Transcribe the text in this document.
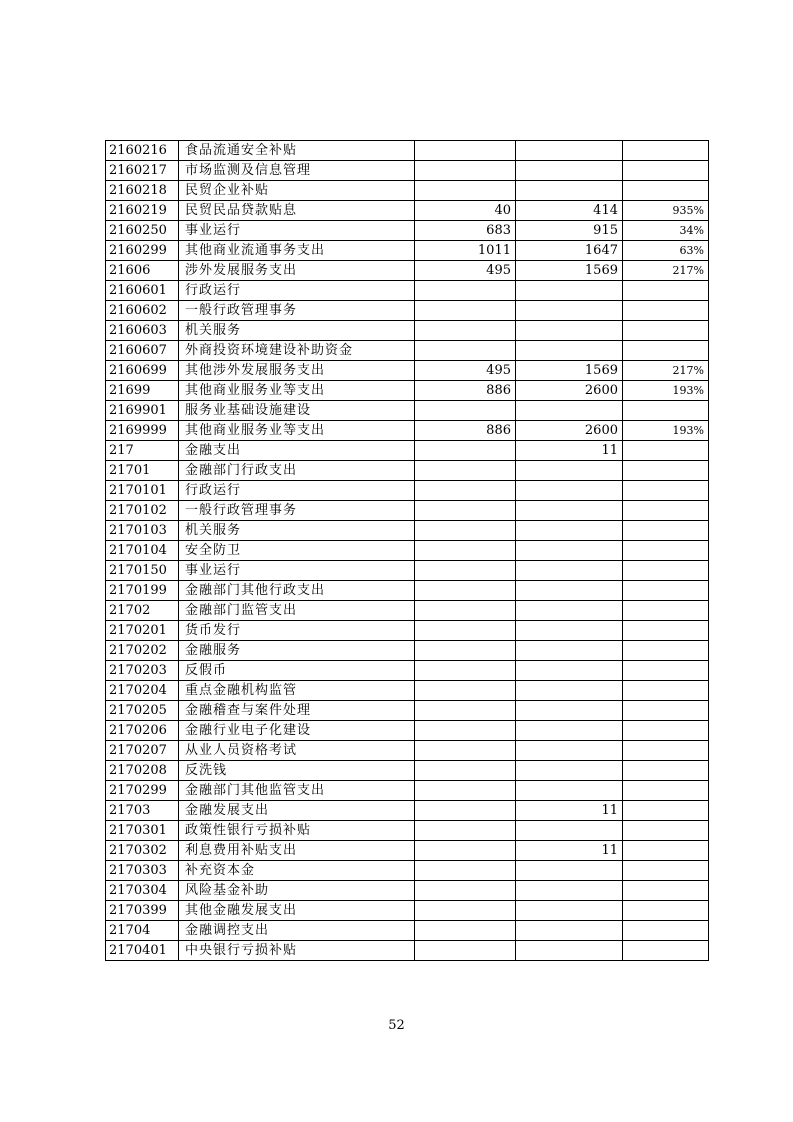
2160216	食品流通安全补贴			
2160217	市场监测及信息管理			
2160218	民贸企业补贴			
2160219	民贸民品贷款贴息	40	414	935%
2160250	事业运行	683	915	34%
2160299	其他商业流通事务支出	1011	1647	63%
21606	涉外发展服务支出	495	1569	217%
2160601	行政运行			
2160602	一般行政管理事务			
2160603	机关服务			
2160607	外商投资环境建设补助资金			
2160699	其他涉外发展服务支出	495	1569	217%
21699	其他商业服务业等支出	886	2600	193%
2169901	服务业基础设施建设			
2169999	其他商业服务业等支出	886	2600	193%
217	金融支出		11	
21701	金融部门行政支出			
2170101	行政运行			
2170102	一般行政管理事务			
2170103	机关服务			
2170104	安全防卫			
2170150	事业运行			
2170199	金融部门其他行政支出			
21702	金融部门监管支出			
2170201	货币发行			
2170202	金融服务			
2170203	反假币			
2170204	重点金融机构监管			
2170205	金融稽查与案件处理			
2170206	金融行业电子化建设			
2170207	从业人员资格考试			
2170208	反洗钱			
2170299	金融部门其他监管支出			
21703	金融发展支出		11	
2170301	政策性银行亏损补贴			
2170302	利息费用补贴支出		11	
2170303	补充资本金			
2170304	风险基金补助			
2170399	其他金融发展支出			
21704	金融调控支出			
2170401	中央银行亏损补贴			
52
